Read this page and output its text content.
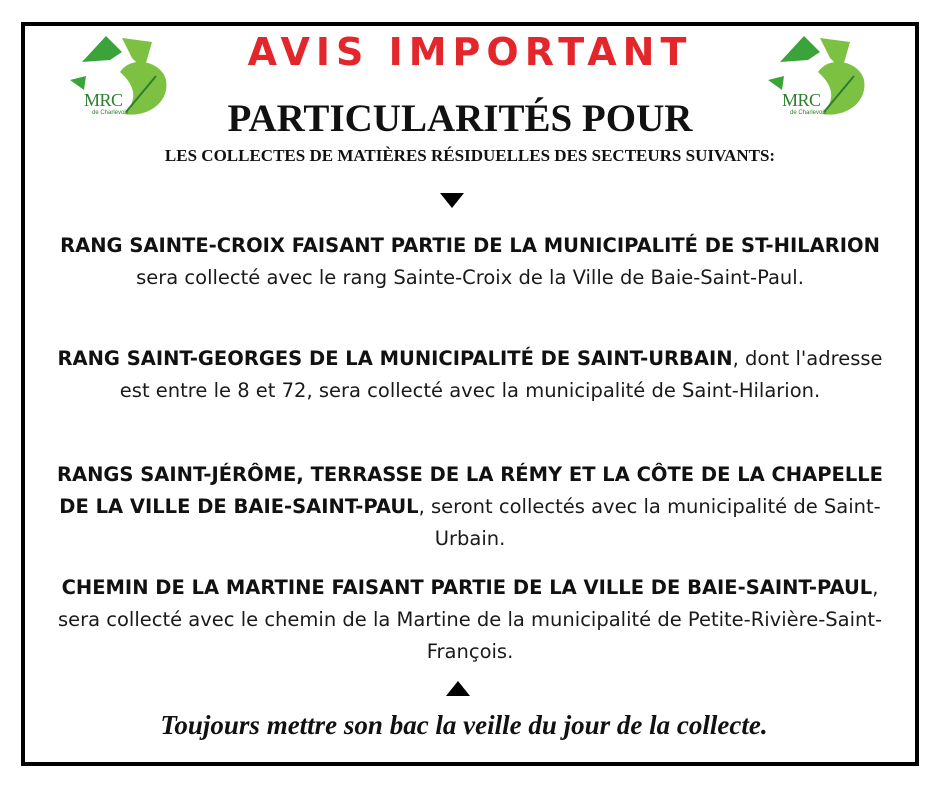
MRC
de Charlevoix
MRC
de Charlevoix
AVIS IMPORTANT
PARTICULARITÉS POUR
LES COLLECTES DE MATIÈRES RÉSIDUELLES DES SECTEURS SUIVANTS:
RANG SAINTE-CROIX FAISANT PARTIE DE LA MUNICIPALITÉ DE ST-HILARION sera collecté avec le rang Sainte-Croix de la Ville de Baie-Saint-Paul.
RANG SAINT-GEORGES DE LA MUNICIPALITÉ DE SAINT-URBAIN, dont l'adresse est entre le 8 et 72, sera collecté avec la municipalité de Saint-Hilarion.
RANGS SAINT-JÉRÔME, TERRASSE DE LA RÉMY ET LA CÔTE DE LA CHAPELLE DE LA VILLE DE BAIE-SAINT-PAUL, seront collectés avec la municipalité de Saint-Urbain.
CHEMIN DE LA MARTINE FAISANT PARTIE DE LA VILLE DE BAIE-SAINT-PAUL, sera collecté avec le chemin de la Martine de la municipalité de Petite-Rivière-Saint-François.
Toujours mettre son bac la veille du jour de la collecte.
